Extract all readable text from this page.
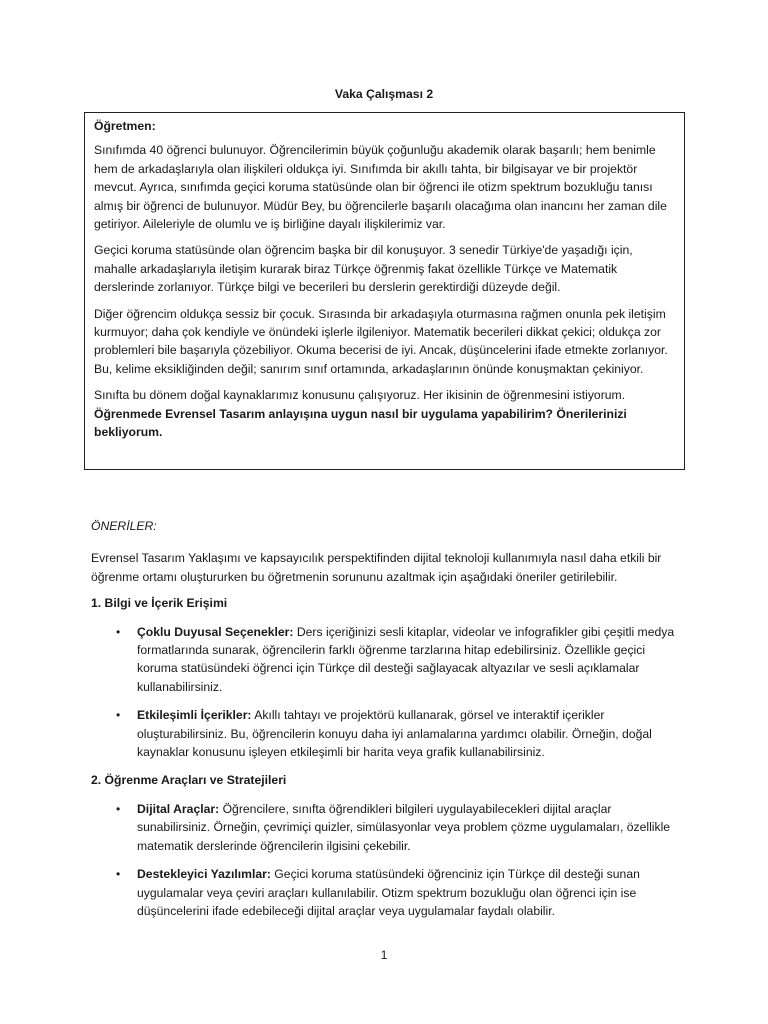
Vaka Çalışması 2

Öğretmen:

Sınıfımda 40 öğrenci bulunuyor. Öğrencilerimin büyük çoğunluğu akademik olarak başarılı; hem benimle hem de arkadaşlarıyla olan ilişkileri oldukça iyi. Sınıfımda bir akıllı tahta, bir bilgisayar ve bir projektör mevcut. Ayrıca, sınıfımda geçici koruma statüsünde olan bir öğrenci ile otizm spektrum bozukluğu tanısı almış bir öğrenci de bulunuyor. Müdür Bey, bu öğrencilerle başarılı olacağıma olan inancını her zaman dile getiriyor. Aileleriyle de olumlu ve iş birliğine dayalı ilişkilerimiz var.

Geçici koruma statüsünde olan öğrencim başka bir dil konuşuyor. 3 senedir Türkiye'de yaşadığı için, mahalle arkadaşlarıyla iletişim kurarak biraz Türkçe öğrenmiş fakat özellikle Türkçe ve Matematik derslerinde zorlanıyor. Türkçe bilgi ve becerileri bu derslerin gerektirdiği düzeyde değil.

Diğer öğrencim oldukça sessiz bir çocuk. Sırasında bir arkadaşıyla oturmasına rağmen onunla pek iletişim kurmuyor; daha çok kendiyle ve önündeki işlerle ilgileniyor. Matematik becerileri dikkat çekici; oldukça zor problemleri bile başarıyla çözebiliyor. Okuma becerisi de iyi. Ancak, düşüncelerini ifade etmekte zorlanıyor. Bu, kelime eksikliğinden değil; sanırım sınıf ortamında, arkadaşlarının önünde konuşmaktan çekiniyor.

Sınıfta bu dönem doğal kaynaklarımız konusunu çalışıyoruz. Her ikisinin de öğrenmesini istiyorum. Öğrenmede Evrensel Tasarım anlayışına uygun nasıl bir uygulama yapabilirim? Önerilerinizi bekliyorum.

ÖNERİLER:

Evrensel Tasarım Yaklaşımı ve kapsayıcılık perspektifinden dijital teknoloji kullanımıyla nasıl daha etkili bir öğrenme ortamı oluştururken bu öğretmenin sorununu azaltmak için aşağıdaki öneriler getirilebilir.

1. Bilgi ve İçerik Erişimi

• Çoklu Duyusal Seçenekler: Ders içeriğinizi sesli kitaplar, videolar ve infografikler gibi çeşitli medya formatlarında sunarak, öğrencilerin farklı öğrenme tarzlarına hitap edebilirsiniz. Özellikle geçici koruma statüsündeki öğrenci için Türkçe dil desteği sağlayacak altyazılar ve sesli açıklamalar kullanabilirsiniz.
• Etkileşimli İçerikler: Akıllı tahtayı ve projektörü kullanarak, görsel ve interaktif içerikler oluşturabilirsiniz. Bu, öğrencilerin konuyu daha iyi anlamalarına yardımcı olabilir. Örneğin, doğal kaynaklar konusunu işleyen etkileşimli bir harita veya grafik kullanabilirsiniz.

2. Öğrenme Araçları ve Stratejileri

• Dijital Araçlar: Öğrencilere, sınıfta öğrendikleri bilgileri uygulayabilecekleri dijital araçlar sunabilirsiniz. Örneğin, çevrimiçi quizler, simülasyonlar veya problem çözme uygulamaları, özellikle matematik derslerinde öğrencilerin ilgisini çekebilir.
• Destekleyici Yazılımlar: Geçici koruma statüsündeki öğrenciniz için Türkçe dil desteği sunan uygulamalar veya çeviri araçları kullanılabilir. Otizm spektrum bozukluğu olan öğrenci için ise düşüncelerini ifade edebileceği dijital araçlar veya uygulamalar faydalı olabilir.
1
